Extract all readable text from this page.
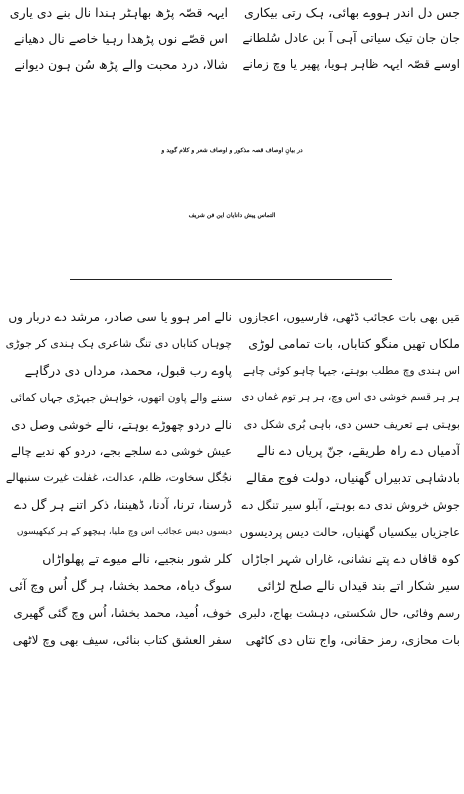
جس دل اندر ہووے بھائی، ہک رتی بیکاری
جان جان تیک سیاتی آہی آ بن عادل سُلطانے
اوسے قصّہ ایہہ ظاہر ہویا، پھیر یا وچ زمانے
ایہہ قصّہ پڑھ بھاہٹر ہندا نال بنے دی یاری
اس قصّے نوں پڑھدا رہیا خاصے نال دھیانے
شالا، درد محبت والے پڑھ سُن ہون دیوانے
در بیانِ اوصاف قصہ مذکور و اوصاف شعر و کلام گوید و
التماس پیش دانایان این فن شریف
مَیں بھی بات عجائب ڈٹھی، فارسیوں، اعجازوں
ملکاں تھیں منگو کتاباں، بات تمامی لوڑی
اس ہندی وچ مطلب بوہتے، جیہا چاہو کوئی چاہے
ہر ہر قسم خوشی دی اس وچ، ہر ہر توم غماں دی
بوہتی ہے تعریف حسن دی، باہی بُری شکل دی
آدمیاں دے راہ طریقے، جنّ پریاں دے نالے
بادشاہی تدبیراں گھنیاں، دولت فوج مقالے
جوش خروش ندی دے بوہتے، آبلو سیر تنگل دے
عاجزیاں بیکسیاں گھنیاں، حالت دیس پردیسوں
کوہ قافاں دے پتے نشانی، غاراں شہر اجاڑاں
سیر شکار اتے بند قیداں نالے صلح لڑائی
رسم وفائی، حال شکستی، دہشت بھاج، دلبری
بات محازی، رمز حقانی، واج نتاں دی کاٹھی
نالے امر ہوو یا سی صادر، مرشد دے دربار وں
چوہاں کتاباں دی تنگ شاعری ہک ہندی کر جوڑی
پاوے رب قبول، محمد، مرداں دی درگاہے
سننے والے پاون اتھوں، خواہش جیہڑی جہاں کمائی
نالے دردو چھوڑے بوہتے، نالے خوشی وصل دی
عیش خوشی دے سلجے بجے، دردو کھ ندیے چالے
نجُگل سخاوت، ظلم، عدالت، غفلت غیرت سنبھالے
ڈرسنا، ترنا، آدنا، ڈھیننا، ذکر اتنے ہر گل دے
دیسوں دیس عجائب اس وچ ملیا، ہیچھو کے ہر کیکھیسوں
کلر شور بنجیے، نالے میوے تے پھلواڑاں
سوگ دیاہ، محمد بخشا، ہر گل اُس وچ آئی
خوف، اُمید، محمد بخشا، اُس وچ گئی گھیری
سفر العشق کتاب بنائی، سیف بھی وچ لاٹھی
